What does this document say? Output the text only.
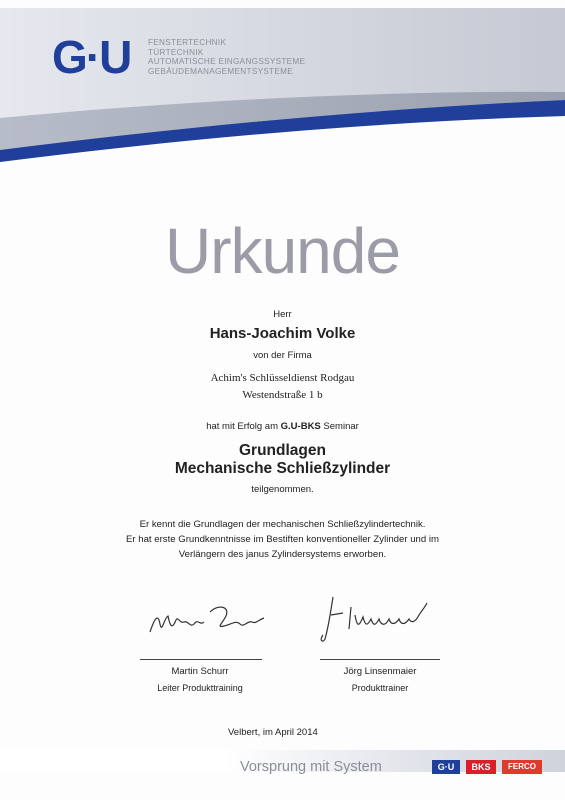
G·U FENSTERTECHNIK
TÜRTECHNIK
AUTOMATISCHE EINGANGSSYSTEME
GEBÄUDEMANAGEMENTSYSTEME
Urkunde
Herr
Hans-Joachim Volke
von der Firma
Achim's Schlüsseldienst Rodgau
Westendstraße 1 b
hat mit Erfolg am G.U-BKS Seminar
Grundlagen
Mechanische Schließzylinder
teilgenommen.
Er kennt die Grundlagen der mechanischen Schließzylindertechnik.
Er hat erste Grundkenntnisse im Bestiften konventioneller Zylinder und im
Verlängern des janus Zylindersystems erworben.
Martin Schurr
Leiter Produkttraining
Jörg Linsenmaier
Produkttrainer
Velbert, im April 2014
Vorsprung mit System	G·U	BKS	FERCO
